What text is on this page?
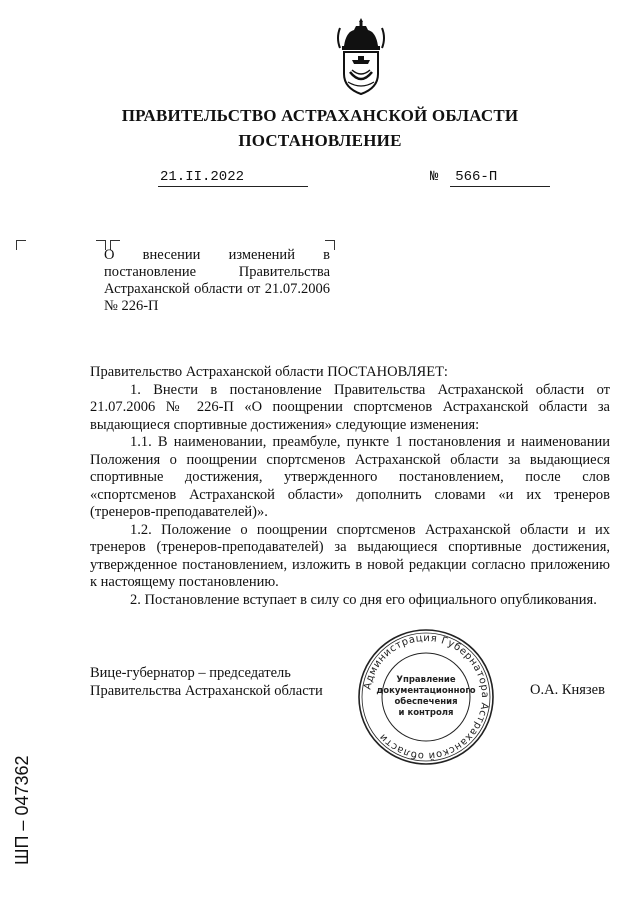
ПРАВИТЕЛЬСТВО АСТРАХАНСКОЙ ОБЛАСТИ
ПОСТАНОВЛЕНИЕ
21.II.2022	№ 566-П
О внесении изменений в постановление Правительства Астраханской области от 21.07.2006 № 226-П

Правительство Астраханской области ПОСТАНОВЛЯЕТ:

1. Внести в постановление Правительства Астраханской области от 21.07.2006 № 226-П «О поощрении спортсменов Астраханской области за выдающиеся спортивные достижения» следующие изменения:

1.1. В наименовании, преамбуле, пункте 1 постановления и наименовании Положения о поощрении спортсменов Астраханской области за выдающиеся спортивные достижения, утвержденного постановлением, после слов «спортсменов Астраханской области» дополнить словами «и их тренеров (тренеров-преподавателей)».

1.2. Положение о поощрении спортсменов Астраханской области и их тренеров (тренеров-преподавателей) за выдающиеся спортивные достижения, утвержденное постановлением, изложить в новой редакции согласно приложению к настоящему постановлению.

2. Постановление вступает в силу со дня его официального опубликования.

Вице-губернатор – председатель
Правительства Астраханской области	О.А. Князев
Администрация Губернатора Астраханской области
Управление
документационного
обеспечения
и контроля
ШП – 047362
